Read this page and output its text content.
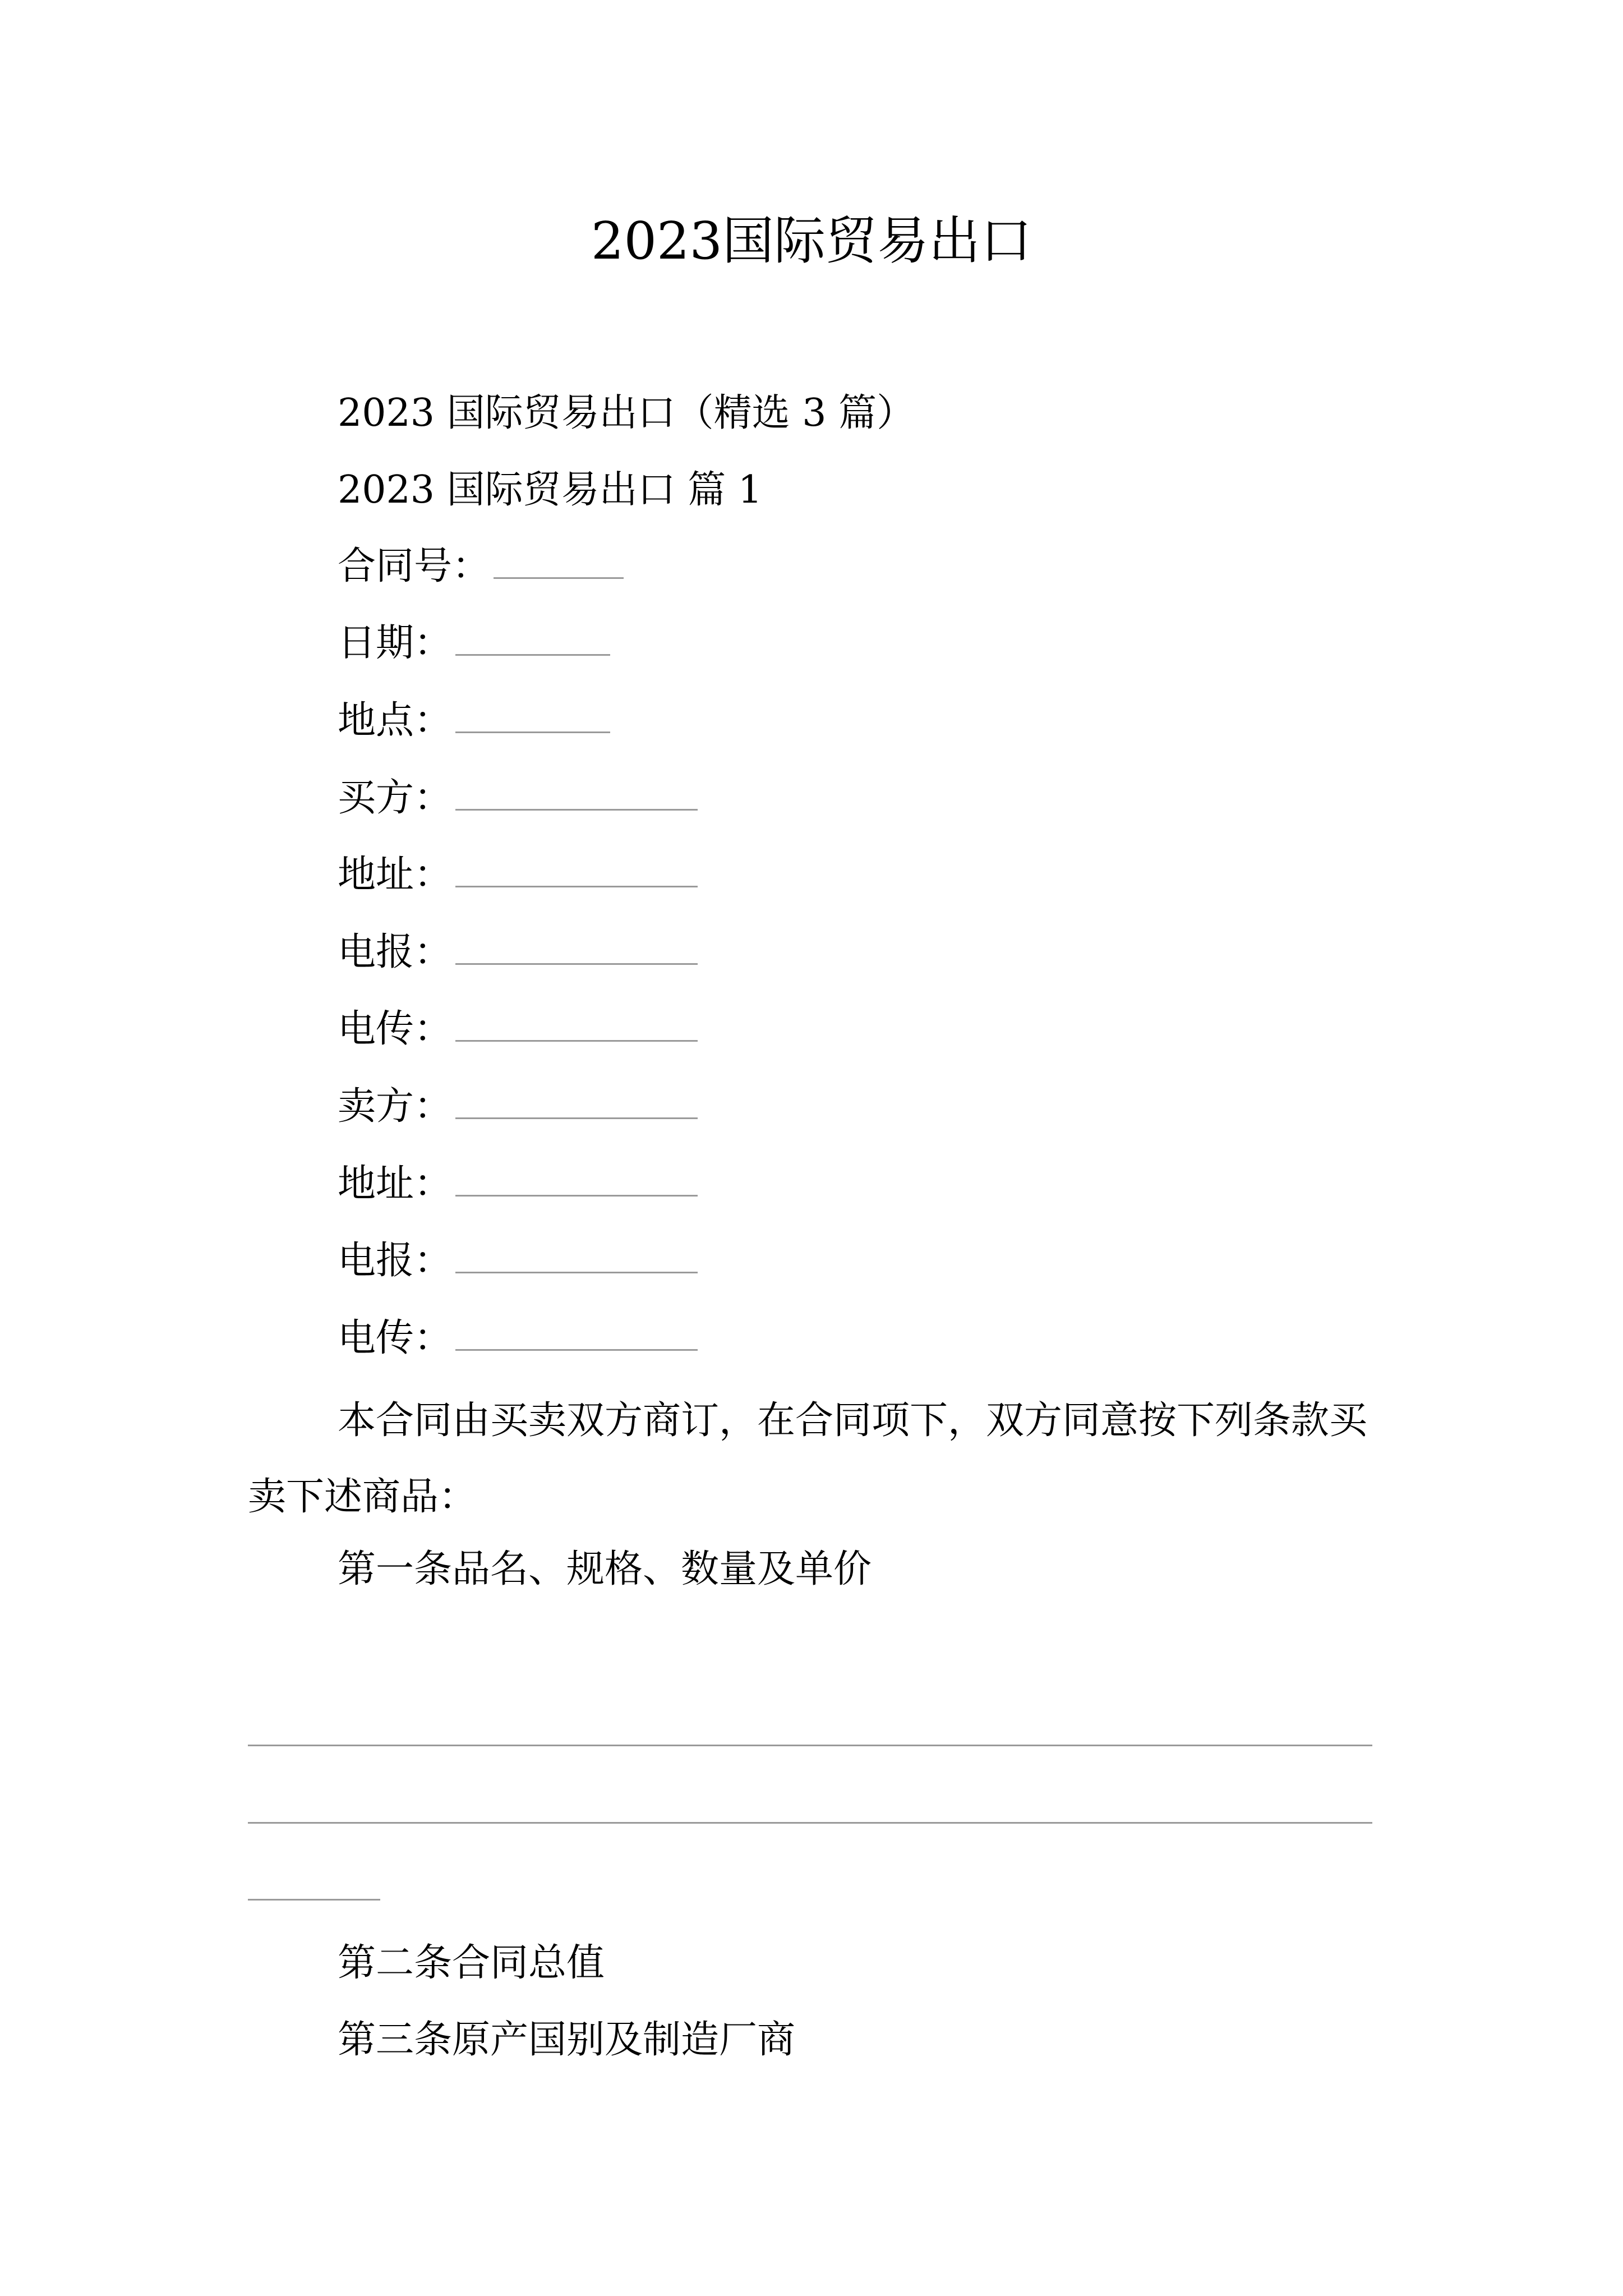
2023国际贸易出口
2023 国际贸易出口（精选 3 篇）
2023 国际贸易出口 篇 1
合同号：
日期：
地点：
买方：
地址：
电报：
电传：
卖方：
地址：
电报：
电传：
本合同由买卖双方商订，在合同项下，双方同意按下列条款买卖下述商品：
第一条品名、规格、数量及单价
第二条合同总值
第三条原产国别及制造厂商
